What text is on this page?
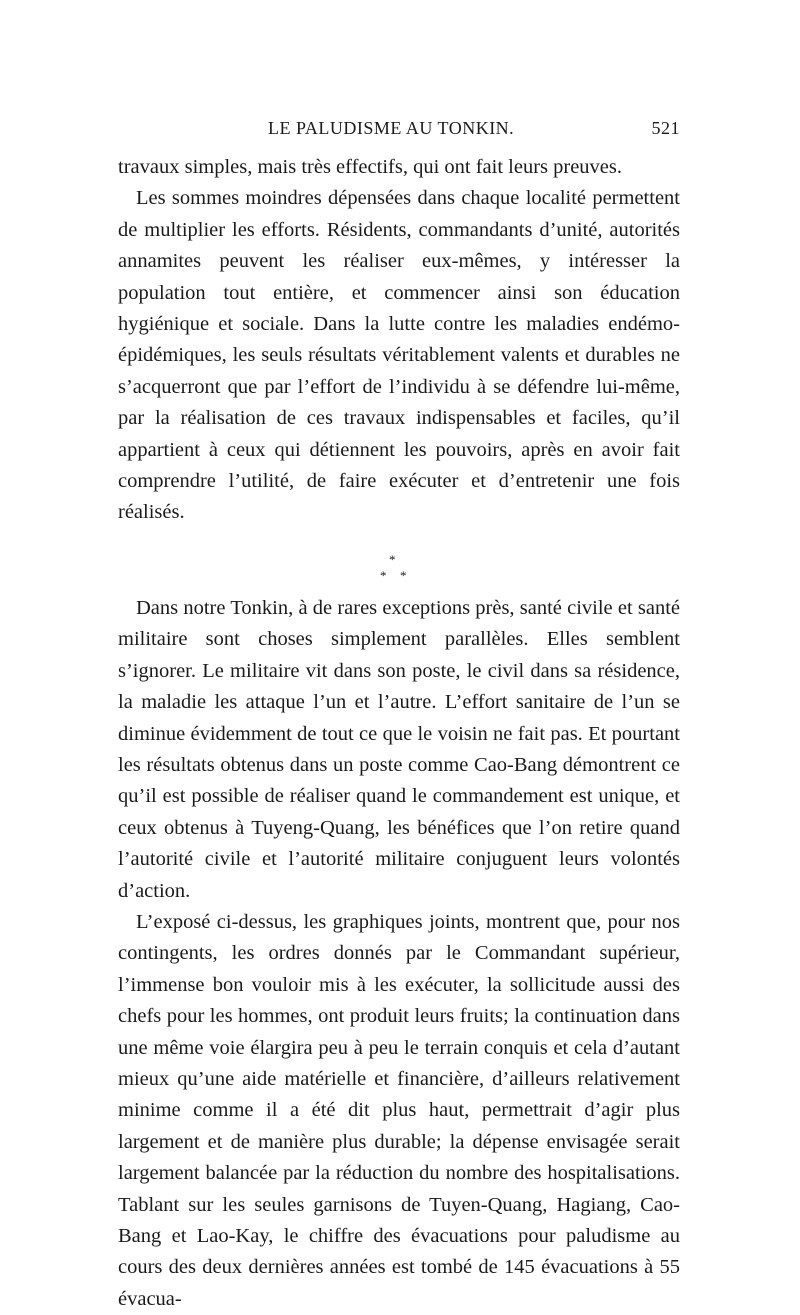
LE PALUDISME AU TONKIN.	521

travaux simples, mais très effectifs, qui ont fait leurs preuves.

Les sommes moindres dépensées dans chaque localité permettent de multiplier les efforts. Résidents, commandants d’unité, autorités annamites peuvent les réaliser eux-mêmes, y intéresser la population tout entière, et commencer ainsi son éducation hygiénique et sociale. Dans la lutte contre les maladies endémo-épidémiques, les seuls résultats véritablement valents et durables ne s’acquerront que par l’effort de l’individu à se défendre lui-même, par la réalisation de ces travaux indispensables et faciles, qu’il appartient à ceux qui détiennent les pouvoirs, après en avoir fait comprendre l’utilité, de faire exécuter et d’entretenir une fois réalisés.

*
* *

Dans notre Tonkin, à de rares exceptions près, santé civile et santé militaire sont choses simplement parallèles. Elles semblent s’ignorer. Le militaire vit dans son poste, le civil dans sa résidence, la maladie les attaque l’un et l’autre. L’effort sanitaire de l’un se diminue évidemment de tout ce que le voisin ne fait pas. Et pourtant les résultats obtenus dans un poste comme Cao-Bang démontrent ce qu’il est possible de réaliser quand le commandement est unique, et ceux obtenus à Tuyeng-Quang, les bénéfices que l’on retire quand l’autorité civile et l’autorité militaire conjuguent leurs volontés d’action.

L’exposé ci-dessus, les graphiques joints, montrent que, pour nos contingents, les ordres donnés par le Commandant supérieur, l’immense bon vouloir mis à les exécuter, la sollicitude aussi des chefs pour les hommes, ont produit leurs fruits; la continuation dans une même voie élargira peu à peu le terrain conquis et cela d’autant mieux qu’une aide matérielle et financière, d’ailleurs relativement minime comme il a été dit plus haut, permettrait d’agir plus largement et de manière plus durable; la dépense envisagée serait largement balancée par la réduction du nombre des hospitalisations. Tablant sur les seules garnisons de Tuyen-Quang, Hagiang, Cao-Bang et Lao-Kay, le chiffre des évacuations pour paludisme au cours des deux dernières années est tombé de 145 évacuations à 55 évacua-
